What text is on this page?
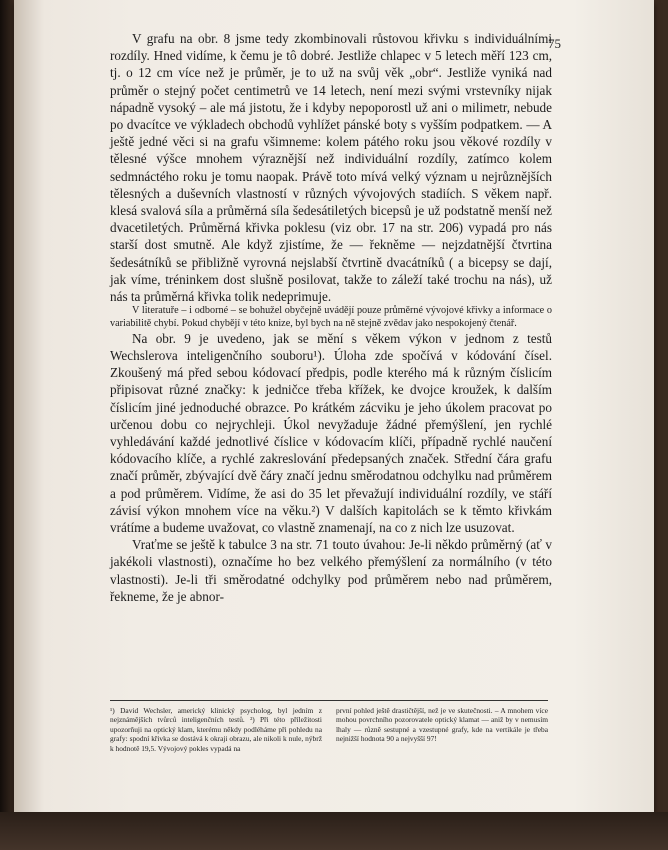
75

V grafu na obr. 8 jsme tedy zkombinovali růstovou křivku s individuálními rozdíly. Hned vidíme, k čemu je tô dobré. Jestliže chlapec v 5 letech měří 123 cm, tj. o 12 cm více než je průměr, je to už na svůj věk „obr“. Jestliže vyniká nad průměr o stejný počet centimetrů ve 14 letech, není mezi svými vrstevníky nijak nápadně vysoký – ale má jistotu, že i kdyby nepoporostl už ani o milimetr, nebude po dvacítce ve výkladech obchodů vyhlížet pánské boty s vyšším podpatkem. — A ještě jedné věci si na grafu všimneme: kolem pátého roku jsou věkové rozdíly v tělesné výšce mnohem výraznější než individuální rozdíly, zatímco kolem sedmnáctého roku je tomu naopak. Právě toto mívá velký význam u nejrůznějších tělesných a duševních vlastností v různých vývojových stadiích. S věkem např. klesá svalová síla a průměrná síla šedesátiletých bicepsů je už podstatně menší než dvacetiletých. Průměrná křivka poklesu (viz obr. 17 na str. 206) vypadá pro nás starší dost smutně. Ale když zjistíme, že — řekněme — nejzdatnější čtvrtina šedesátníků se přibližně vyrovná nejslabší čtvrtině dvacátníků ( a bicepsy se dají, jak víme, tréninkem dost slušně posilovat, takže to záleží také trochu na nás), už nás ta průměrná křivka tolik nedeprimuje.

V literatuře – i odborné – se bohužel obyčejně uvádějí pouze průměrné vývojové křivky a informace o variabilitě chybí. Pokud chybějí v této knize, byl bych na ně stejně zvědav jako nespokojený čtenář.

Na obr. 9 je uvedeno, jak se mění s věkem výkon v jednom z testů Wechslerova inteligenčního souboru¹). Úloha zde spočívá v kódování čísel. Zkoušený má před sebou kódovací předpis, podle kterého má k různým číslicím připisovat různé značky: k jedničce třeba křížek, ke dvojce kroužek, k dalším číslicím jiné jednoduché obrazce. Po krátkém zácviku je jeho úkolem pracovat po určenou dobu co nejrychleji. Úkol nevyžaduje žádné přemýšlení, jen rychlé vyhledávání každé jednotlivé číslice v kódovacím klíči, případně rychlé naučení kódovacího klíče, a rychlé zakreslování předepsaných značek. Střední čára grafu značí průměr, zbývající dvě čáry značí jednu směrodatnou odchylku nad průměrem a pod průměrem. Vidíme, že asi do 35 let převažují individuální rozdíly, ve stáří závisí výkon mnohem více na věku.²) V dalších kapitolách se k těmto křivkám vrátíme a budeme uvažovat, co vlastně znamenají, na co z nich lze usuzovat.

Vraťme se ještě k tabulce 3 na str. 71 touto úvahou: Je-li někdo průměrný (ať v jakékoli vlastnosti), označíme ho bez velkého přemýšlení za normálního (v této vlastnosti). Je-li tři směrodatné odchylky pod průměrem nebo nad průměrem, řekneme, že je abnor-

¹) David Wechsler, americký klinický psycholog, byl jedním z nejznámějších tvůrců inteligenčních testů. ²) Při této příležitosti upozorňuji na optický klam, kterému někdy podléháme při pohledu na grafy: spodní křivka se dostává k okraji obrazu, ale nikoli k nule, nýbrž k hodnotě 19,5. Vývojový pokles vypadá na

první pohled ještě drastičtější, než je ve skutečnosti. – A mnohem více mohou povrchního pozorovatele optický klamat — aniž by v nemusím lhaly — různě sestupné a vzestupné grafy, kde na vertikále je třeba nejnižší hodnota 90 a nejvyšší 97!
